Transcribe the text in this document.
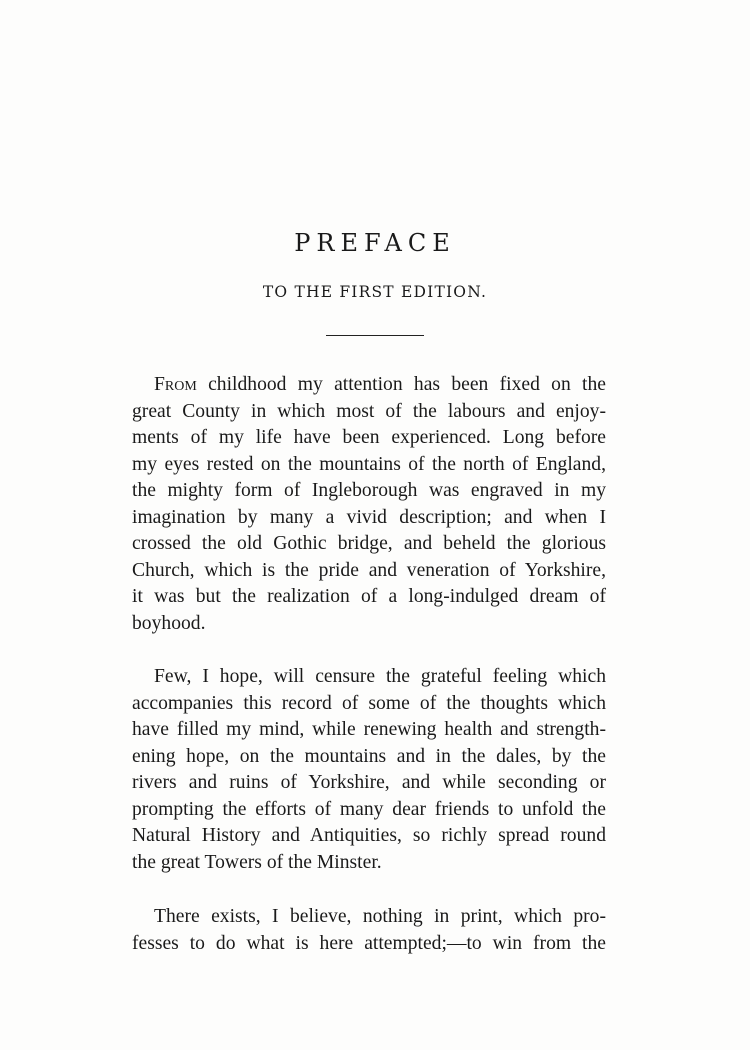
PREFACE
TO THE FIRST EDITION.

From childhood my attention has been fixed on the
great County in which most of the labours and enjoy-
ments of my life have been experienced. Long before
my eyes rested on the mountains of the north of England,
the mighty form of Ingleborough was engraved in my
imagination by many a vivid description; and when I
crossed the old Gothic bridge, and beheld the glorious
Church, which is the pride and veneration of Yorkshire,
it was but the realization of a long-indulged dream of
boyhood.

Few, I hope, will censure the grateful feeling which
accompanies this record of some of the thoughts which
have filled my mind, while renewing health and strength-
ening hope, on the mountains and in the dales, by the
rivers and ruins of Yorkshire, and while seconding or
prompting the efforts of many dear friends to unfold the
Natural History and Antiquities, so richly spread round
the great Towers of the Minster.

There exists, I believe, nothing in print, which pro-
fesses to do what is here attempted;—to win from the
